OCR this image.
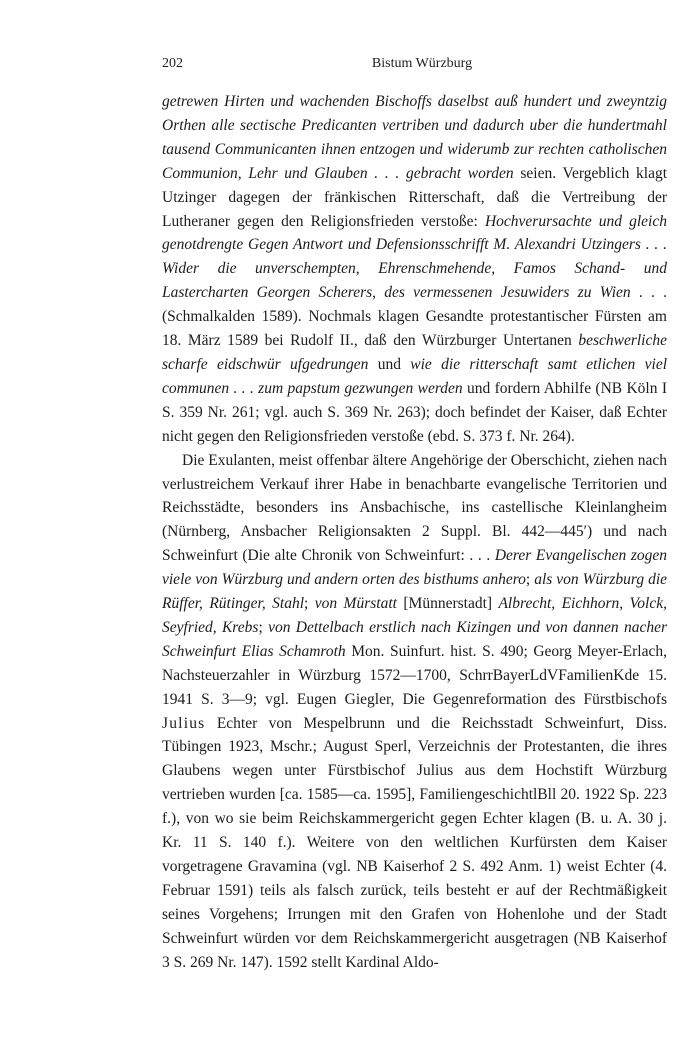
202	Bistum Würzburg

getrewen Hirten und wachenden Bischoffs daselbst auß hundert und zweyntzig Orthen alle sectische Predicanten vertriben und dadurch uber die hundertmahl tausend Communicanten ihnen entzogen und widerumb zur rechten catholischen Communion, Lehr und Glauben . . . gebracht worden seien. Vergeblich klagt Utzinger dagegen der fränkischen Ritterschaft, daß die Vertreibung der Lutheraner gegen den Religionsfrieden verstoße: Hochverursachte und gleich genotdrengte Gegen Antwort und Defensionsschrifft M. Alexandri Utzingers . . . Wider die unverschempten, Ehrenschmehende, Famos Schand- und Lastercharten Georgen Scherers, des vermessenen Jesuwiders zu Wien . . . (Schmalkalden 1589). Nochmals klagen Gesandte protestantischer Fürsten am 18. März 1589 bei Rudolf II., daß den Würzburger Untertanen beschwerliche scharfe eidschwür ufgedrungen und wie die ritterschaft samt etlichen viel communen . . . zum papstum gezwungen werden und fordern Abhilfe (NB Köln I S. 359 Nr. 261; vgl. auch S. 369 Nr. 263); doch befindet der Kaiser, daß Echter nicht gegen den Religionsfrieden verstoße (ebd. S. 373 f. Nr. 264).

Die Exulanten, meist offenbar ältere Angehörige der Oberschicht, ziehen nach verlustreichem Verkauf ihrer Habe in benachbarte evangelische Territorien und Reichsstädte, besonders ins Ansbachische, ins castellische Kleinlangheim (Nürnberg, Ansbacher Religionsakten 2 Suppl. Bl. 442—445′) und nach Schweinfurt (Die alte Chronik von Schweinfurt: . . . Derer Evangelischen zogen viele von Würzburg und andern orten des bisthums anhero; als von Würzburg die Rüffer, Rütinger, Stahl; von Mürstatt [Münnerstadt] Albrecht, Eichhorn, Volck, Seyfried, Krebs; von Dettelbach erstlich nach Kizingen und von dannen nacher Schweinfurt Elias Schamroth Mon. Suinfurt. hist. S. 490; Georg Meyer-Erlach, Nachsteuerzahler in Würzburg 1572—1700, SchrrBayerLdVFamilienKde 15. 1941 S. 3—9; vgl. Eugen Giegler, Die Gegenreformation des Fürstbischofs Julius Echter von Mespelbrunn und die Reichsstadt Schweinfurt, Diss. Tübingen 1923, Mschr.; August Sperl, Verzeichnis der Protestanten, die ihres Glaubens wegen unter Fürstbischof Julius aus dem Hochstift Würzburg vertrieben wurden [ca. 1585—ca. 1595], FamiliengeschichtlBll 20. 1922 Sp. 223 f.), von wo sie beim Reichskammergericht gegen Echter klagen (B. u. A. 30 j. Kr. 11 S. 140 f.). Weitere von den weltlichen Kurfürsten dem Kaiser vorgetragene Gravamina (vgl. NB Kaiserhof 2 S. 492 Anm. 1) weist Echter (4. Februar 1591) teils als falsch zurück, teils besteht er auf der Rechtmäßigkeit seines Vorgehens; Irrungen mit den Grafen von Hohenlohe und der Stadt Schweinfurt würden vor dem Reichskammergericht ausgetragen (NB Kaiserhof 3 S. 269 Nr. 147). 1592 stellt Kardinal Aldo-
